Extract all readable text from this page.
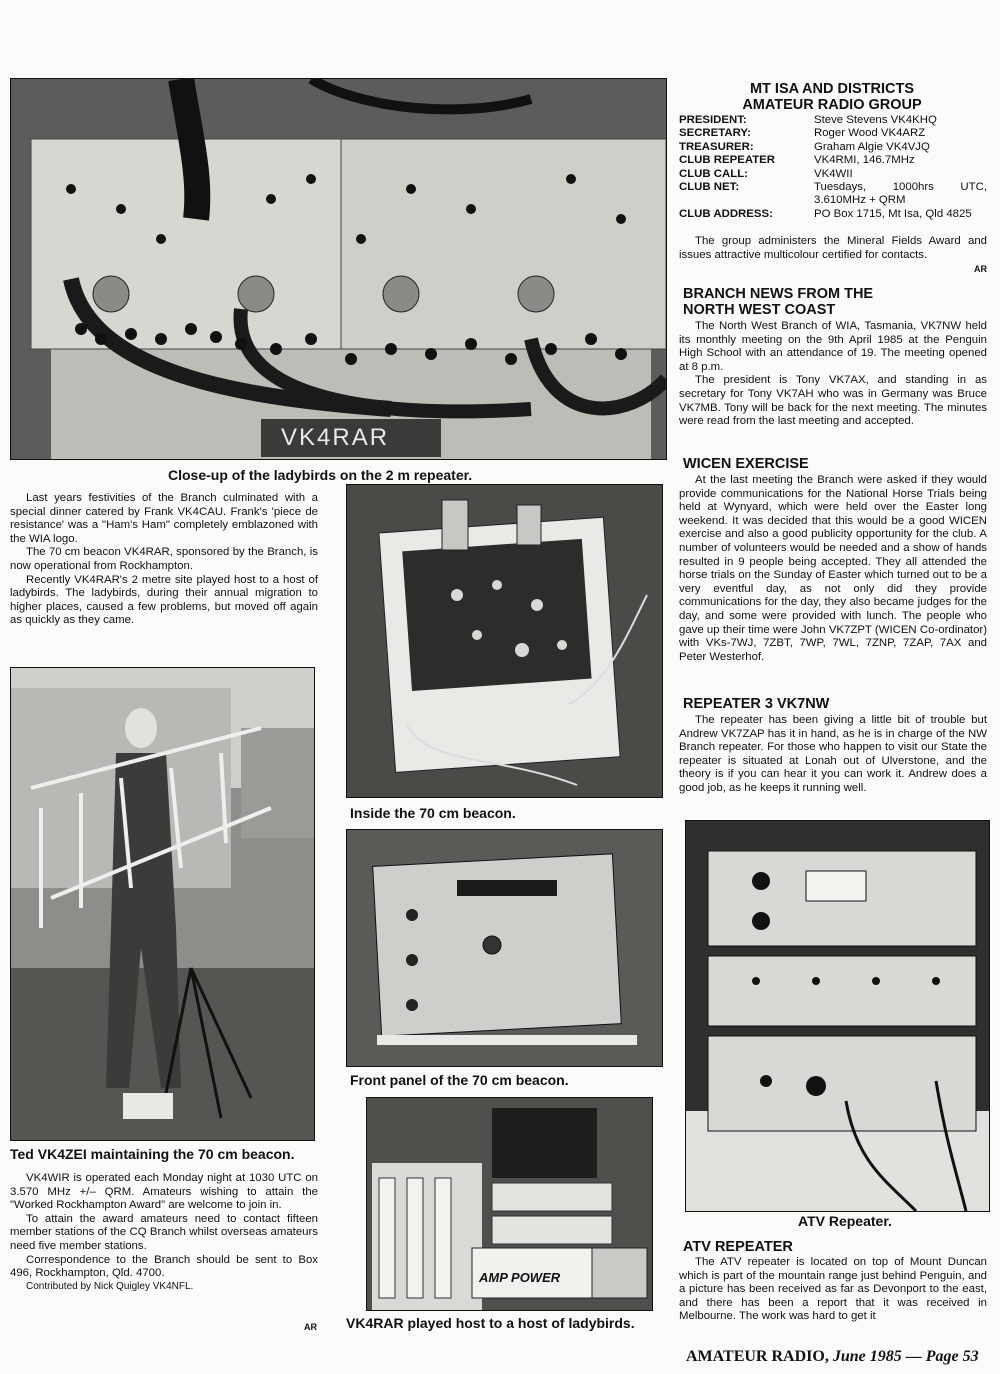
VK4RAR
Close-up of the ladybirds on the 2 m repeater.

Last years festivities of the Branch culminated with a special dinner catered by Frank VK4CAU. Frank's 'piece de resistance' was a "Ham's Ham" completely emblazoned with the WIA logo.

The 70 cm beacon VK4RAR, sponsored by the Branch, is now operational from Rockhampton.

Recently VK4RAR's 2 metre site played host to a host of ladybirds. The ladybirds, during their annual migration to higher places, caused a few problems, but moved off again as quickly as they came.

Ted VK4ZEI maintaining the 70 cm beacon.

VK4WIR is operated each Monday night at 1030 UTC on 3.570 MHz +/– QRM. Amateurs wishing to attain the "Worked Rockhampton Award" are welcome to join in.

To attain the award amateurs need to contact fifteen member stations of the CQ Branch whilst overseas amateurs need five member stations.

Correspondence to the Branch should be sent to Box 496, Rockhampton, Qld. 4700.

Contributed by Nick Quigley VK4NFL.

AR
Inside the 70 cm beacon.
Front panel of the 70 cm beacon.
AMP POWER
VK4RAR played host to a host of ladybirds.
MT ISA AND DISTRICTS
AMATEUR RADIO GROUP
PRESIDENT:	Steve Stevens VK4KHQ
SECRETARY:	Roger Wood VK4ARZ
TREASURER:	Graham Algie VK4VJQ
CLUB REPEATER	VK4RMI, 146.7MHz
CLUB CALL:	VK4WII
CLUB NET:	Tuesdays, 1000hrs UTC, 3.610MHz + QRM
CLUB ADDRESS:	PO Box 1715, Mt Isa, Qld 4825

The group administers the Mineral Fields Award and issues attractive multicolour certified for contacts.

AR
BRANCH NEWS FROM THE
NORTH WEST COAST

The North West Branch of WIA, Tasmania, VK7NW held its monthly meeting on the 9th April 1985 at the Penguin High School with an attendance of 19. The meeting opened at 8 p.m.

The president is Tony VK7AX, and standing in as secretary for Tony VK7AH who was in Germany was Bruce VK7MB. Tony will be back for the next meeting. The minutes were read from the last meeting and accepted.

WICEN EXERCISE

At the last meeting the Branch were asked if they would provide communications for the National Horse Trials being held at Wynyard, which were held over the Easter long weekend. It was decided that this would be a good WICEN exercise and also a good publicity opportunity for the club. A number of volunteers would be needed and a show of hands resulted in 9 people being accepted. They all attended the horse trials on the Sunday of Easter which turned out to be a very eventful day, as not only did they provide communications for the day, they also became judges for the day, and some were provided with lunch. The people who gave up their time were John VK7ZPT (WICEN Co-ordinator) with VKs-7WJ, 7ZBT, 7WP, 7WL, 7ZNP, 7ZAP, 7AX and Peter Westerhof.

REPEATER 3 VK7NW

The repeater has been giving a little bit of trouble but Andrew VK7ZAP has it in hand, as he is in charge of the NW Branch repeater. For those who happen to visit our State the repeater is situated at Lonah out of Ulverstone, and the theory is if you can hear it you can work it. Andrew does a good job, as he keeps it running well.

ATV Repeater.
ATV REPEATER

The ATV repeater is located on top of Mount Duncan which is part of the mountain range just behind Penguin, and a picture has been received as far as Devonport to the east, and there has been a report that it was received in Melbourne. The work was hard to get it

AMATEUR RADIO, June 1985 — Page 53
